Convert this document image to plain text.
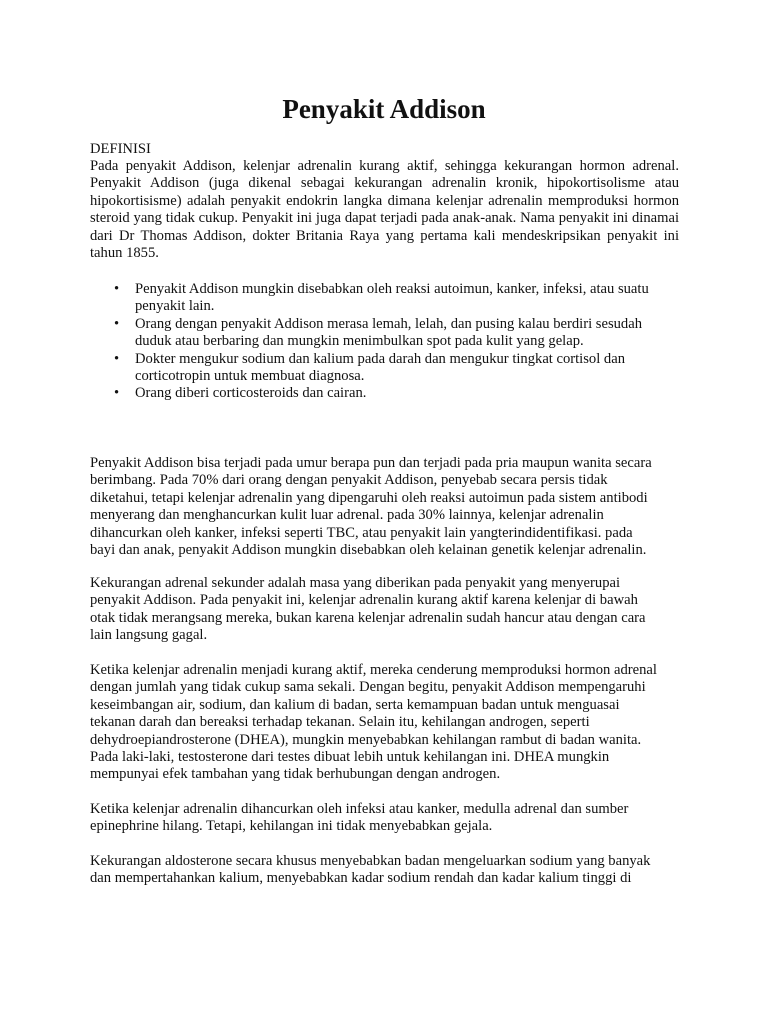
Penyakit Addison
DEFINISI

Pada penyakit Addison, kelenjar adrenalin kurang aktif, sehingga kekurangan hormon adrenal. Penyakit Addison (juga dikenal sebagai kekurangan adrenalin kronik, hipokortisolisme atau hipokortisisme) adalah penyakit endokrin langka dimana kelenjar adrenalin memproduksi hormon steroid yang tidak cukup. Penyakit ini juga dapat terjadi pada anak-anak. Nama penyakit ini dinamai dari Dr Thomas Addison, dokter Britania Raya yang pertama kali mendeskripsikan penyakit ini tahun 1855.

• Penyakit Addison mungkin disebabkan oleh reaksi autoimun, kanker, infeksi, atau suatu penyakit lain.
• Orang dengan penyakit Addison merasa lemah, lelah, dan pusing kalau berdiri sesudah duduk atau berbaring dan mungkin menimbulkan spot pada kulit yang gelap.
• Dokter mengukur sodium dan kalium pada darah dan mengukur tingkat cortisol dan corticotropin untuk membuat diagnosa.
• Orang diberi corticosteroids dan cairan.

Penyakit Addison bisa terjadi pada umur berapa pun dan terjadi pada pria maupun wanita secara
berimbang. Pada 70% dari orang dengan penyakit Addison, penyebab secara persis tidak
diketahui, tetapi kelenjar adrenalin yang dipengaruhi oleh reaksi autoimun pada sistem antibodi
menyerang dan menghancurkan kulit luar adrenal. pada 30% lainnya, kelenjar adrenalin
dihancurkan oleh kanker, infeksi seperti TBC, atau penyakit lain yangterindidentifikasi. pada
bayi dan anak, penyakit Addison mungkin disebabkan oleh kelainan genetik kelenjar adrenalin.

Kekurangan adrenal sekunder adalah masa yang diberikan pada penyakit yang menyerupai
penyakit Addison. Pada penyakit ini, kelenjar adrenalin kurang aktif karena kelenjar di bawah
otak tidak merangsang mereka, bukan karena kelenjar adrenalin sudah hancur atau dengan cara
lain langsung gagal.

Ketika kelenjar adrenalin menjadi kurang aktif, mereka cenderung memproduksi hormon adrenal
dengan jumlah yang tidak cukup sama sekali. Dengan begitu, penyakit Addison mempengaruhi
keseimbangan air, sodium, dan kalium di badan, serta kemampuan badan untuk menguasai
tekanan darah dan bereaksi terhadap tekanan. Selain itu, kehilangan androgen, seperti
dehydroepiandrosterone (DHEA), mungkin menyebabkan kehilangan rambut di badan wanita.
Pada laki-laki, testosterone dari testes dibuat lebih untuk kehilangan ini. DHEA mungkin
mempunyai efek tambahan yang tidak berhubungan dengan androgen.

Ketika kelenjar adrenalin dihancurkan oleh infeksi atau kanker, medulla adrenal dan sumber
epinephrine hilang. Tetapi, kehilangan ini tidak menyebabkan gejala.

Kekurangan aldosterone secara khusus menyebabkan badan mengeluarkan sodium yang banyak
dan mempertahankan kalium, menyebabkan kadar sodium rendah dan kadar kalium tinggi di
